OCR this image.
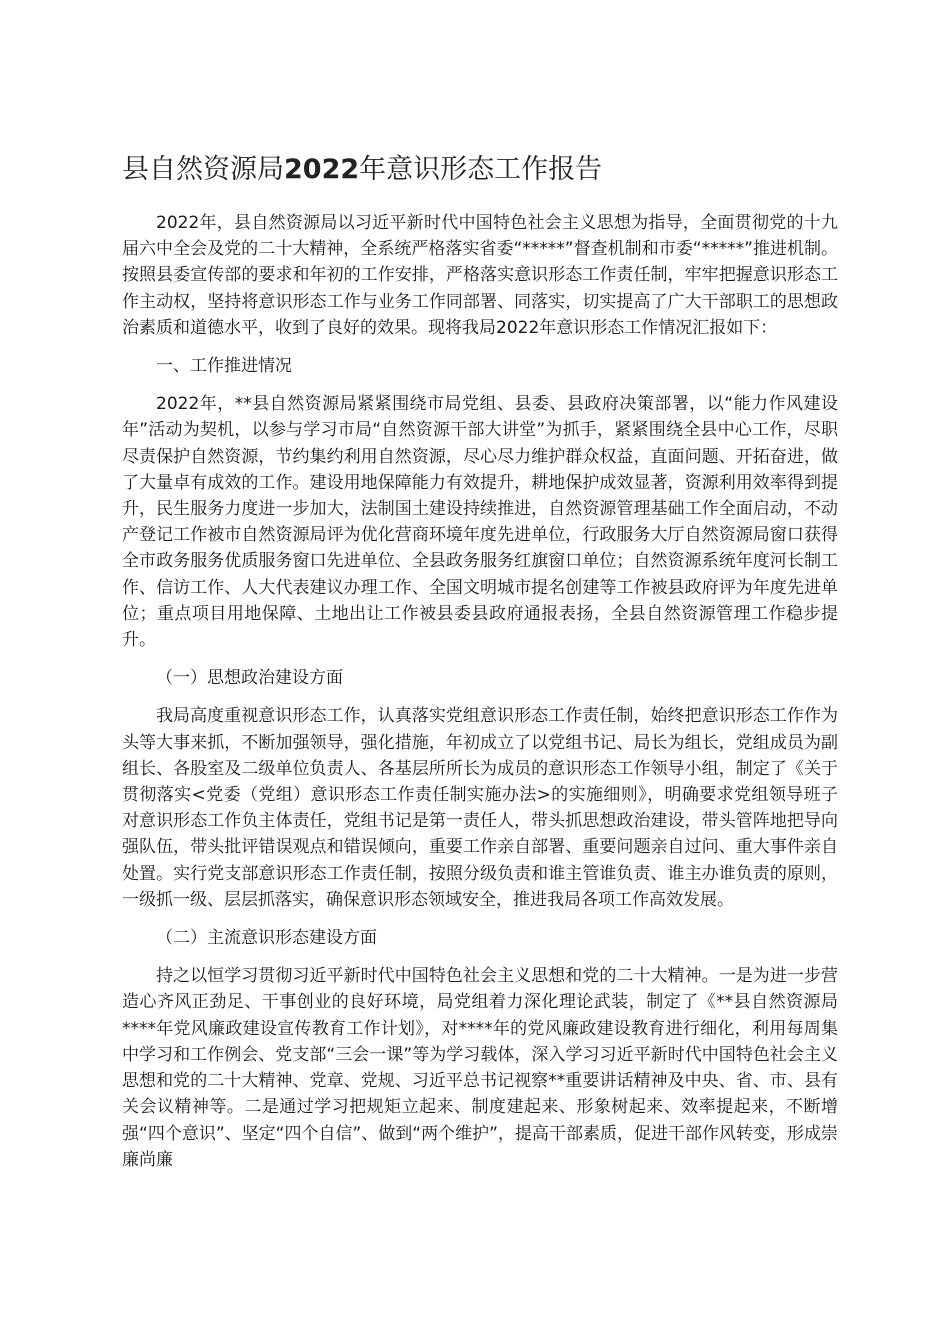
县自然资源局2022年意识形态工作报告

2022年，县自然资源局以习近平新时代中国特色社会主义思想为指导，全面贯彻党的十九届六中全会及党的二十大精神，全系统严格落实省委“*****”督查机制和市委“*****”推进机制。按照县委宣传部的要求和年初的工作安排，严格落实意识形态工作责任制，牢牢把握意识形态工作主动权，坚持将意识形态工作与业务工作同部署、同落实，切实提高了广大干部职工的思想政治素质和道德水平，收到了良好的效果。现将我局2022年意识形态工作情况汇报如下：

一、工作推进情况

2022年，**县自然资源局紧紧围绕市局党组、县委、县政府决策部署，以“能力作风建设年”活动为契机，以参与学习市局“自然资源干部大讲堂”为抓手，紧紧围绕全县中心工作，尽职尽责保护自然资源，节约集约利用自然资源，尽心尽力维护群众权益，直面问题、开拓奋进，做了大量卓有成效的工作。建设用地保障能力有效提升，耕地保护成效显著，资源利用效率得到提升，民生服务力度进一步加大，法制国土建设持续推进，自然资源管理基础工作全面启动，不动产登记工作被市自然资源局评为优化营商环境年度先进单位，行政服务大厅自然资源局窗口获得全市政务服务优质服务窗口先进单位、全县政务服务红旗窗口单位；自然资源系统年度河长制工作、信访工作、人大代表建议办理工作、全国文明城市提名创建等工作被县政府评为年度先进单位；重点项目用地保障、土地出让工作被县委县政府通报表扬，全县自然资源管理工作稳步提升。

（一）思想政治建设方面

我局高度重视意识形态工作，认真落实党组意识形态工作责任制，始终把意识形态工作作为头等大事来抓，不断加强领导，强化措施，年初成立了以党组书记、局长为组长，党组成员为副组长、各股室及二级单位负责人、各基层所所长为成员的意识形态工作领导小组，制定了《关于贯彻落实<党委（党组）意识形态工作责任制实施办法>的实施细则》，明确要求党组领导班子对意识形态工作负主体责任，党组书记是第一责任人，带头抓思想政治建设，带头管阵地把导向强队伍，带头批评错误观点和错误倾向，重要工作亲自部署、重要问题亲自过问、重大事件亲自处置。实行党支部意识形态工作责任制，按照分级负责和谁主管谁负责、谁主办谁负责的原则，一级抓一级、层层抓落实，确保意识形态领域安全，推进我局各项工作高效发展。

（二）主流意识形态建设方面

持之以恒学习贯彻习近平新时代中国特色社会主义思想和党的二十大精神。一是为进一步营造心齐风正劲足、干事创业的良好环境，局党组着力深化理论武装，制定了《**县自然资源局****年党风廉政建设宣传教育工作计划》，对****年的党风廉政建设教育进行细化，利用每周集中学习和工作例会、党支部“三会一课”等为学习载体，深入学习习近平新时代中国特色社会主义思想和党的二十大精神、党章、党规、习近平总书记视察**重要讲话精神及中央、省、市、县有关会议精神等。二是通过学习把规矩立起来、制度建起来、形象树起来、效率提起来，不断增强“四个意识”、坚定“四个自信”、做到“两个维护”，提高干部素质，促进干部作风转变，形成崇廉尚廉
